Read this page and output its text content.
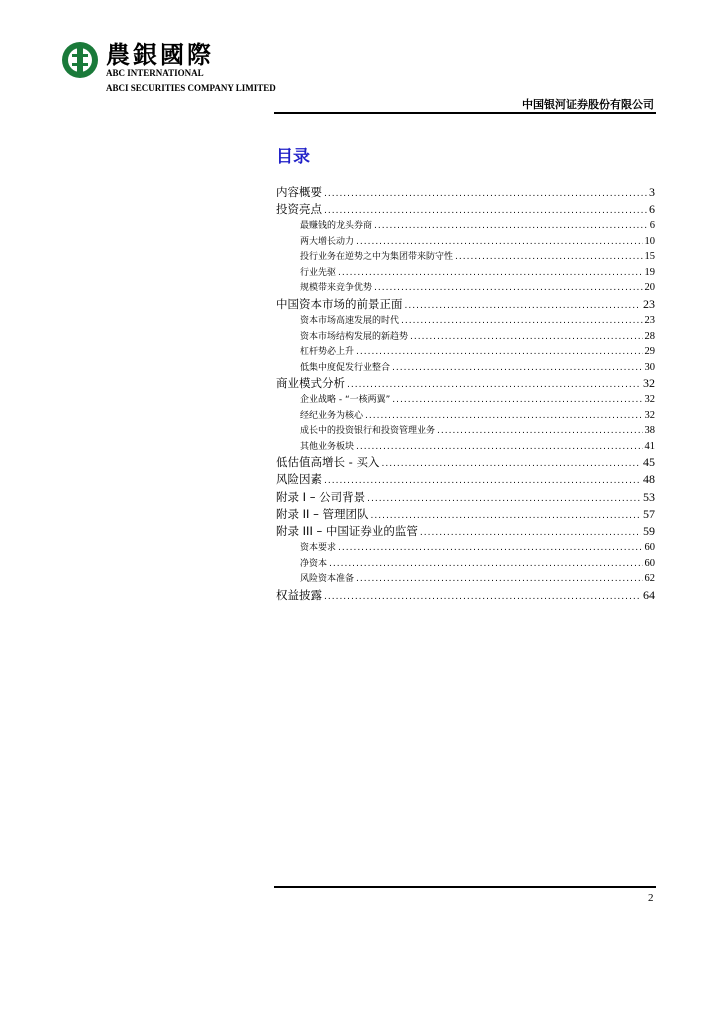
農銀國際
ABC INTERNATIONAL
ABCI SECURITIES COMPANY LIMITED
中国银河证券股份有限公司
目录
内容概要 .....	3
投资亮点 .....	6
最赚钱的龙头券商 .....	6
两大增长动力 .....	10
投行业务在逆势之中为集团带来防守性 .....	15
行业先驱 .....	19
规模带来竞争优势 .....	20
中国资本市场的前景正面 .....	23
资本市场高速发展的时代 .....	23
资本市场结构发展的新趋势 .....	28
杠杆势必上升 .....	29
低集中度促发行业整合 .....	30
商业模式分析 .....	32
企业战略 - “一核两翼” .....	32
经纪业务为核心 .....	32
成长中的投资银行和投资管理业务 .....	38
其他业务板块 .....	41
低估值高增长 - 买入 .....	45
风险因素 .....	48
附录 I – 公司背景 .....	53
附录 II – 管理团队 .....	57
附录 III – 中国证券业的监管 .....	59
资本要求 .....	60
净资本 .....	60
风险资本准备 .....	62
权益披露 .....	64
2
